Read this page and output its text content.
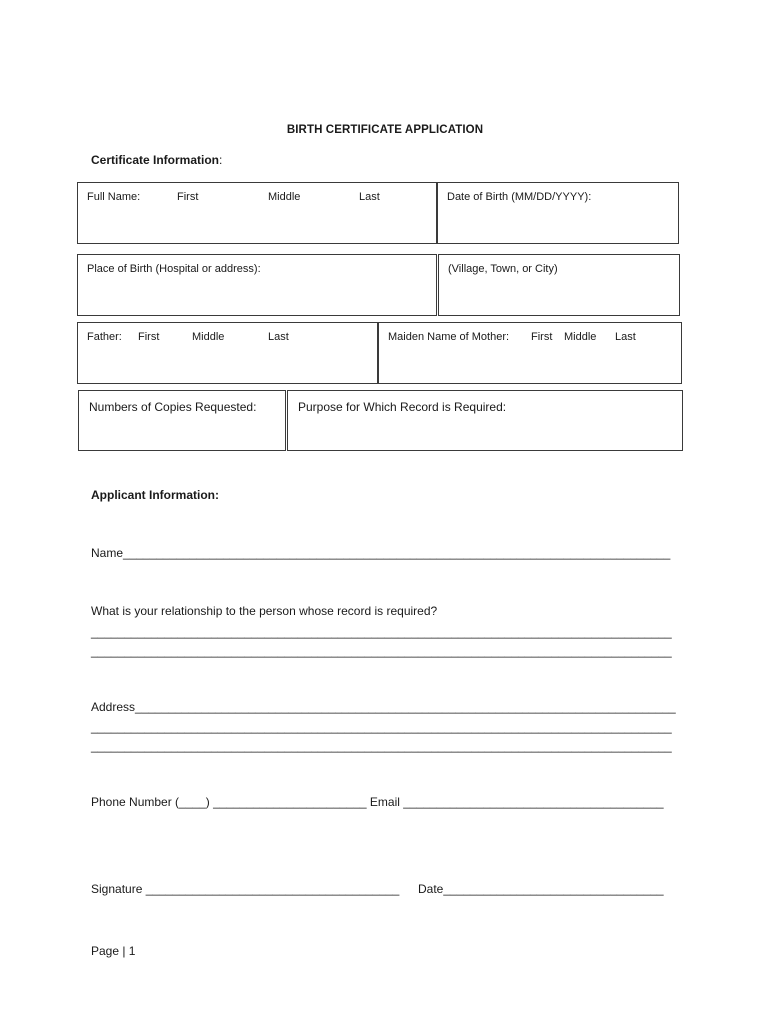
BIRTH CERTIFICATE APPLICATION
Certificate Information:
Full Name:	First	Middle	Last	Date of Birth (MM/DD/YYYY):
Place of Birth (Hospital or address):	(Village, Town, or City)
Father: First	Middle	Last	Maiden Name of Mother: First Middle Last
Numbers of Copies Requested:	Purpose for Which Record is Required:
Applicant Information:
Name__________________________________________________________________________________
What is your relationship to the person whose record is required?
_______________________________________________________________________________________
_______________________________________________________________________________________
Address_________________________________________________________________________________
_______________________________________________________________________________________
_______________________________________________________________________________________
Phone Number (____) _______________________ Email _______________________________________
Signature ______________________________________ Date_________________________________
Page | 1
